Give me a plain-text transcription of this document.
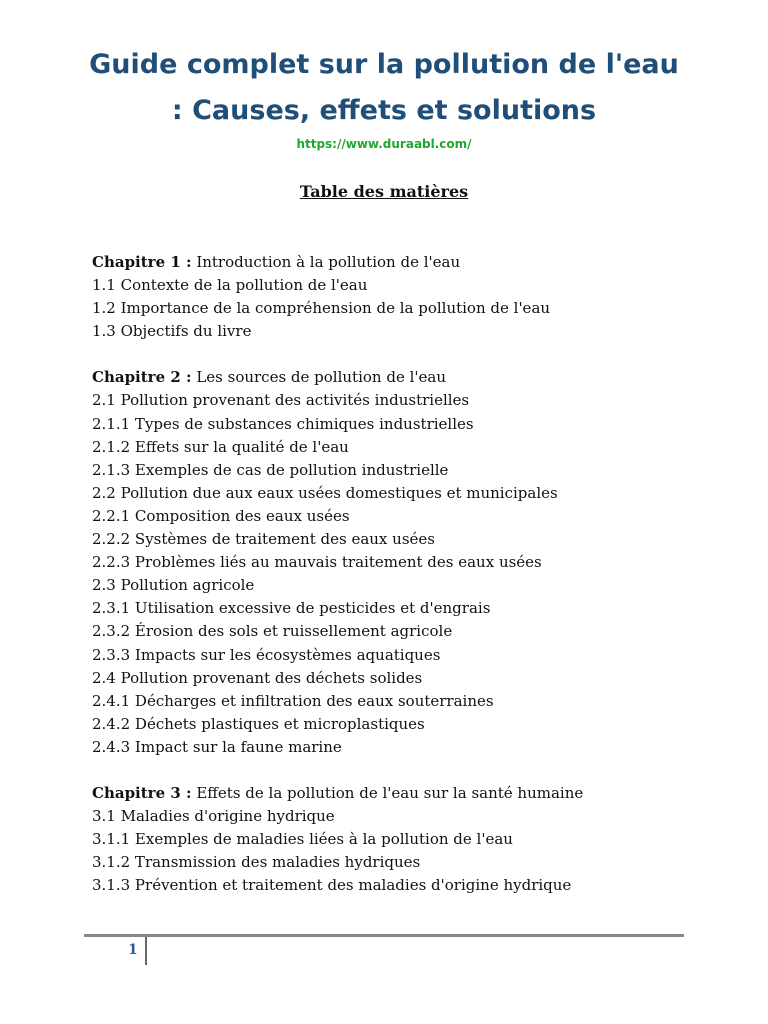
Guide complet sur la pollution de l'eau
: Causes, effets et solutions
https://www.duraabl.com/
Table des matières
Chapitre 1 : Introduction à la pollution de l'eau
1.1 Contexte de la pollution de l'eau
1.2 Importance de la compréhension de la pollution de l'eau
1.3 Objectifs du livre
Chapitre 2 : Les sources de pollution de l'eau
2.1 Pollution provenant des activités industrielles
2.1.1 Types de substances chimiques industrielles
2.1.2 Effets sur la qualité de l'eau
2.1.3 Exemples de cas de pollution industrielle
2.2 Pollution due aux eaux usées domestiques et municipales
2.2.1 Composition des eaux usées
2.2.2 Systèmes de traitement des eaux usées
2.2.3 Problèmes liés au mauvais traitement des eaux usées
2.3 Pollution agricole
2.3.1 Utilisation excessive de pesticides et d'engrais
2.3.2 Érosion des sols et ruissellement agricole
2.3.3 Impacts sur les écosystèmes aquatiques
2.4 Pollution provenant des déchets solides
2.4.1 Décharges et infiltration des eaux souterraines
2.4.2 Déchets plastiques et microplastiques
2.4.3 Impact sur la faune marine
Chapitre 3 : Effets de la pollution de l'eau sur la santé humaine
3.1 Maladies d'origine hydrique
3.1.1 Exemples de maladies liées à la pollution de l'eau
3.1.2 Transmission des maladies hydriques
3.1.3 Prévention et traitement des maladies d'origine hydrique
1
